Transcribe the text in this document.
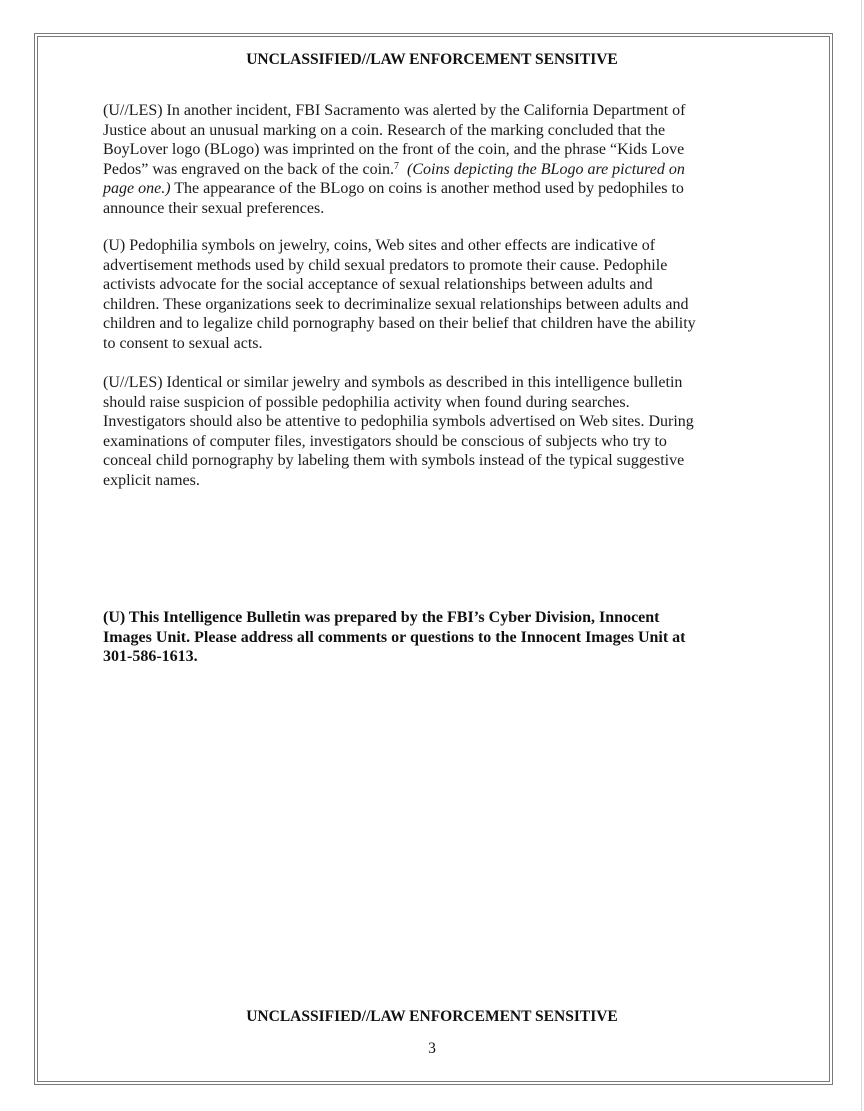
UNCLASSIFIED//LAW ENFORCEMENT SENSITIVE
(U//LES) In another incident, FBI Sacramento was alerted by the California Department of
Justice about an unusual marking on a coin. Research of the marking concluded that the
BoyLover logo (BLogo) was imprinted on the front of the coin, and the phrase “Kids Love
Pedos” was engraved on the back of the coin.$^7$ (Coins depicting the BLogo are pictured on
page one.) The appearance of the BLogo on coins is another method used by pedophiles to
announce their sexual preferences.
(U) Pedophilia symbols on jewelry, coins, Web sites and other effects are indicative of
advertisement methods used by child sexual predators to promote their cause. Pedophile
activists advocate for the social acceptance of sexual relationships between adults and
children. These organizations seek to decriminalize sexual relationships between adults and
children and to legalize child pornography based on their belief that children have the ability
to consent to sexual acts.
(U//LES) Identical or similar jewelry and symbols as described in this intelligence bulletin
should raise suspicion of possible pedophilia activity when found during searches.
Investigators should also be attentive to pedophilia symbols advertised on Web sites. During
examinations of computer files, investigators should be conscious of subjects who try to
conceal child pornography by labeling them with symbols instead of the typical suggestive
explicit names.
(U) This Intelligence Bulletin was prepared by the FBI’s Cyber Division, Innocent
Images Unit. Please address all comments or questions to the Innocent Images Unit at
301-586-1613.
UNCLASSIFIED//LAW ENFORCEMENT SENSITIVE
3
